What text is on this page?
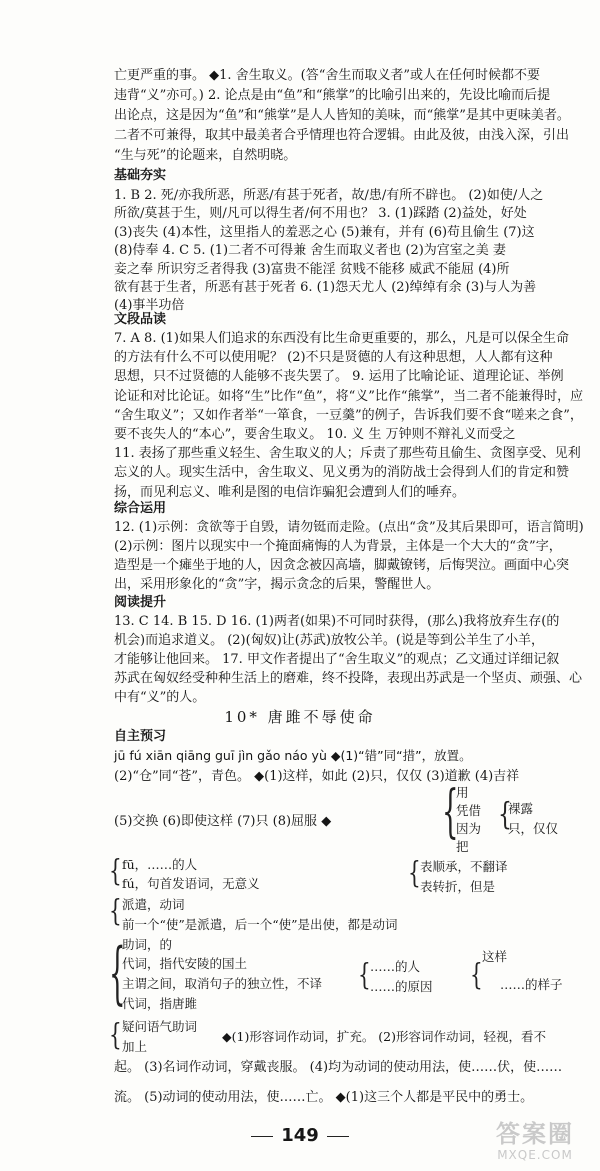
亡更严重的事。 ◆1. 舍生取义。(答“舍生而取义者”或人在任何时候都不要
违背“义”亦可。) 2. 论点是由“鱼”和“熊掌”的比喻引出来的，先设比喻而后提
出论点，这是因为“鱼”和“熊掌”是人人皆知的美味，而“熊掌”是其中更味美者。
二者不可兼得，取其中最美者合乎情理也符合逻辑。由此及彼，由浅入深，引出
“生与死”的论题来，自然明晓。
基础夯实
1. B 2. 死/亦我所恶，所恶/有甚于死者，故/患/有所不辟也。 (2)如使/人之
所欲/莫甚于生，则/凡可以得生者/何不用也？ 3. (1)踩踏 (2)益处，好处
(3)丧失 (4)本性，这里指人的羞恶之心 (5)兼有，并有 (6)苟且偷生 (7)这
(8)侍奉 4. C 5. (1)二者不可得兼 舍生而取义者也 (2)为宫室之美 妻
妾之奉 所识穷乏者得我 (3)富贵不能淫 贫贱不能移 威武不能屈 (4)所
欲有甚于生者，所恶有甚于死者 6. (1)怨天尤人 (2)绰绰有余 (3)与人为善
(4)事半功倍
文段品读
7. A 8. (1)如果人们追求的东西没有比生命更重要的，那么，凡是可以保全生命
的方法有什么不可以使用呢？ (2)不只是贤德的人有这种思想，人人都有这种
思想，只不过贤德的人能够不丧失罢了。 9. 运用了比喻论证、道理论证、举例
论证和对比论证。如将“生”比作“鱼”，将“义”比作“熊掌”，当二者不能兼得时，应
“舍生取义”；又如作者举“一箪食，一豆羹”的例子，告诉我们要不食“嗟来之食”，
要不丧失人的“本心”，要舍生取义。 10. 义 生 万钟则不辩礼义而受之
11. 表扬了那些重义轻生、舍生取义的人；斥责了那些苟且偷生、贪图享受、见利
忘义的人。现实生活中，舍生取义、见义勇为的消防战士会得到人们的肯定和赞
扬，而见利忘义、唯利是图的电信诈骗犯会遭到人们的唾弃。
综合运用
12. (1)示例：贪欲等于自毁，请勿铤而走险。(点出“贪”及其后果即可，语言简明)
(2)示例：图片以现实中一个掩面痛悔的人为背景，主体是一个大大的“贪”字，
造型是一个瘫坐于地的人，因贪念被囚高墙，脚戴镣铐，后悔哭泣。画面中心突
出，采用形象化的“贪”字，揭示贪念的后果，警醒世人。
阅读提升
13. C 14. B 15. D 16. (1)两者(如果)不可同时获得，(那么)我将放弃生存(的
机会)而追求道义。 (2)(匈奴)让(苏武)放牧公羊。(说是等到公羊生了小羊，
才能够让他回来。 17. 甲文作者提出了“舍生取义”的观点；乙文通过详细记叙
苏武在匈奴经受种种生活上的磨难，终不投降，表现出苏武是一个坚贞、顽强、心
中有“义”的人。
10* 唐雎不辱使命
自主预习
jū fú xiān qiāng guī jìn gǎo náo yù ◆(1)“错”同“措”，放置。
(2)“仓”同“苍”，青色。 ◆(1)这样，如此 (2)只，仅仅 (3)道歉 (4)吉祥
用
凭借
因为
把
(5)交换 (6)即使这样 (7)只 (8)屈服 ◆	{ {
裸露
只，仅仅
{ fū，……的人
fú，句首发语词，无意义	{ 表顺承，不翻译
表转折，但是
{ 派遣，动词
前一个“使”是派遣，后一个“使”是出使，都是动词
{
助词，的
代词，指代安陵的国土
主谓之间，取消句子的独立性，不译
代词，指唐雎
{ ……的人
……的原因 { 这样
……的样子
{ 疑问语气助词
加上
◆(1)形容词作动词，扩充。 (2)形容词作动词，轻视，看不
起。 (3)名词作动词，穿戴丧服。 (4)均为动词的使动用法，使……伏，使……
流。 (5)动词的使动用法，使……亡。 ◆(1)这三个人都是平民中的勇士。
149	答案圈
MXQE.COM
